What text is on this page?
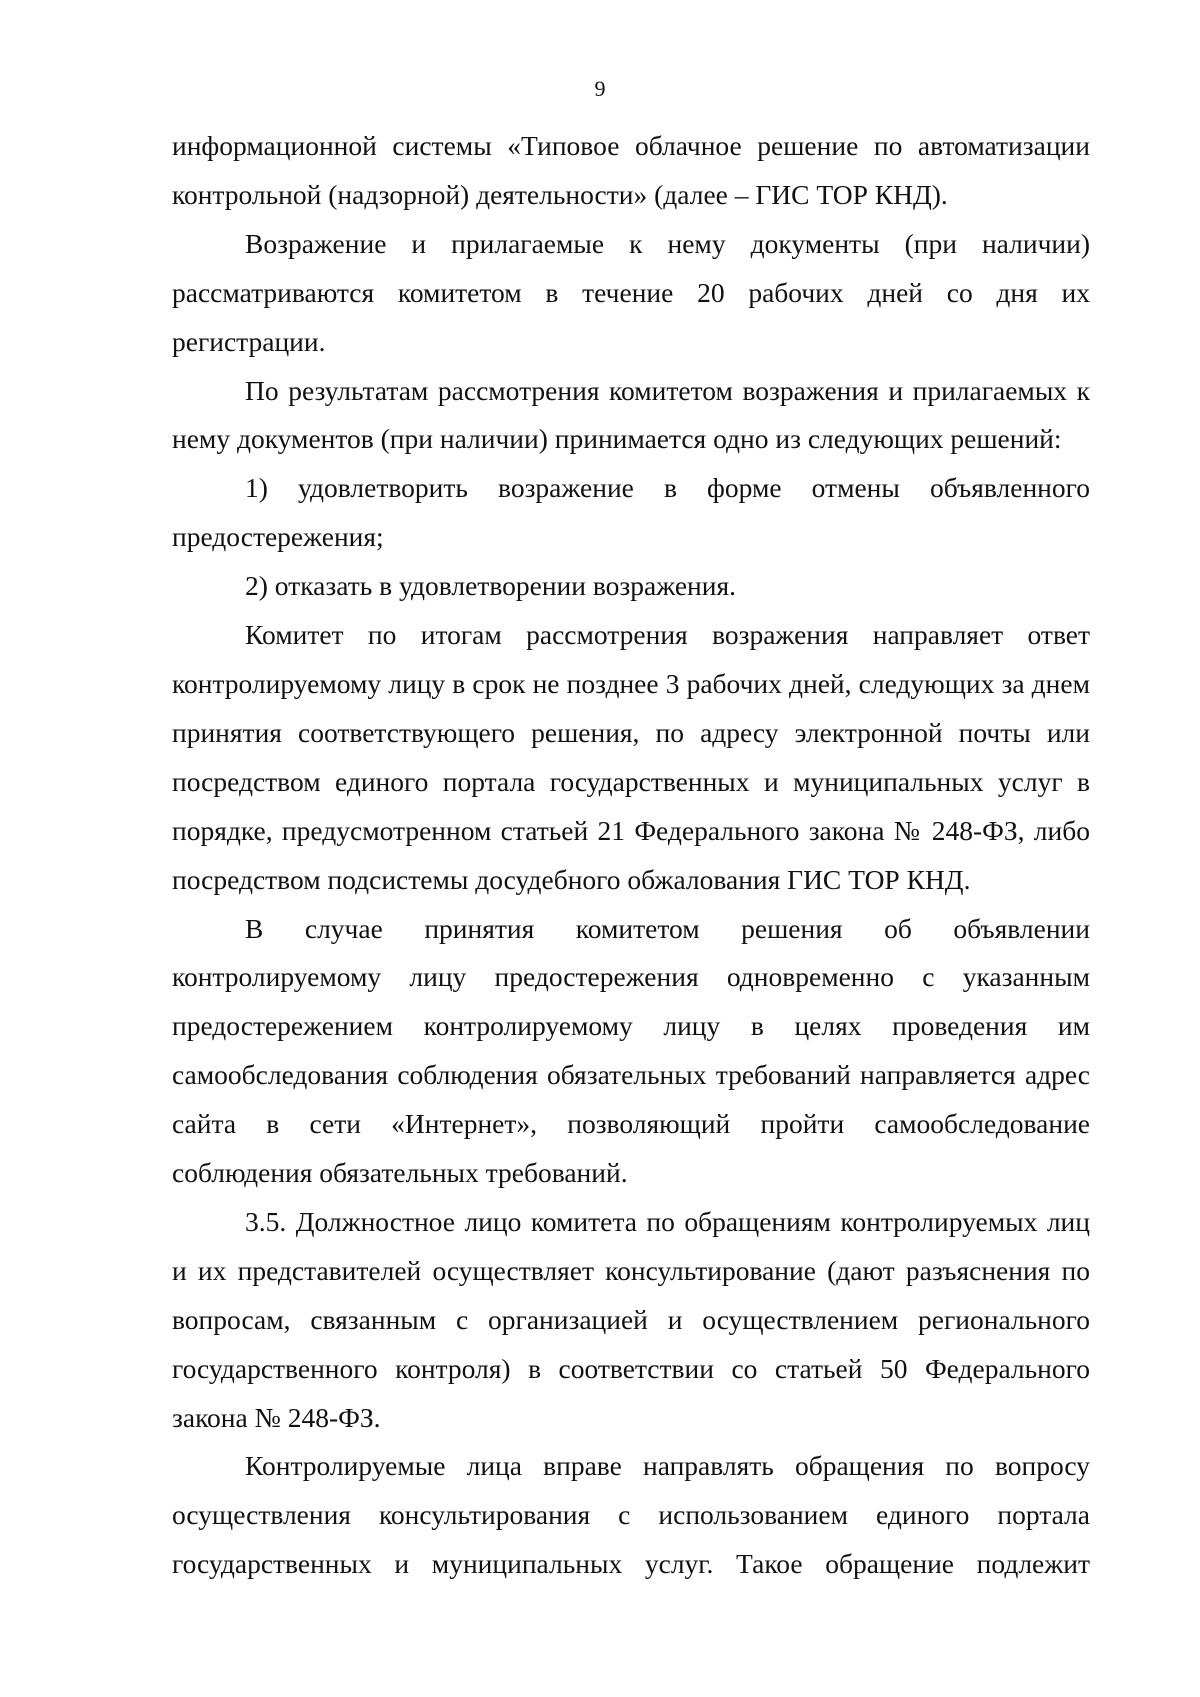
9

информационной системы «Типовое облачное решение по автоматизации контрольной (надзорной) деятельности» (далее – ГИС ТОР КНД).

Возражение и прилагаемые к нему документы (при наличии) рассматриваются комитетом в течение 20 рабочих дней со дня их регистрации.

По результатам рассмотрения комитетом возражения и прилагаемых к нему документов (при наличии) принимается одно из следующих решений:

1) удовлетворить возражение в форме отмены объявленного предостережения;

2) отказать в удовлетворении возражения.

Комитет по итогам рассмотрения возражения направляет ответ контролируемому лицу в срок не позднее 3 рабочих дней, следующих за днем принятия соответствующего решения, по адресу электронной почты или посредством единого портала государственных и муниципальных услуг в порядке, предусмотренном статьей 21 Федерального закона № 248-ФЗ, либо посредством подсистемы досудебного обжалования ГИС ТОР КНД.

В случае принятия комитетом решения об объявлении контролируемому лицу предостережения одновременно с указанным предостережением контролируемому лицу в целях проведения им самообследования соблюдения обязательных требований направляется адрес сайта в сети «Интернет», позволяющий пройти самообследование соблюдения обязательных требований.

3.5. Должностное лицо комитета по обращениям контролируемых лиц и их представителей осуществляет консультирование (дают разъяснения по вопросам, связанным с организацией и осуществлением регионального государственного контроля) в соответствии со статьей 50 Федерального закона № 248-ФЗ.

Контролируемые лица вправе направлять обращения по вопросу осуществления консультирования с использованием единого портала государственных и муниципальных услуг. Такое обращение подлежит
